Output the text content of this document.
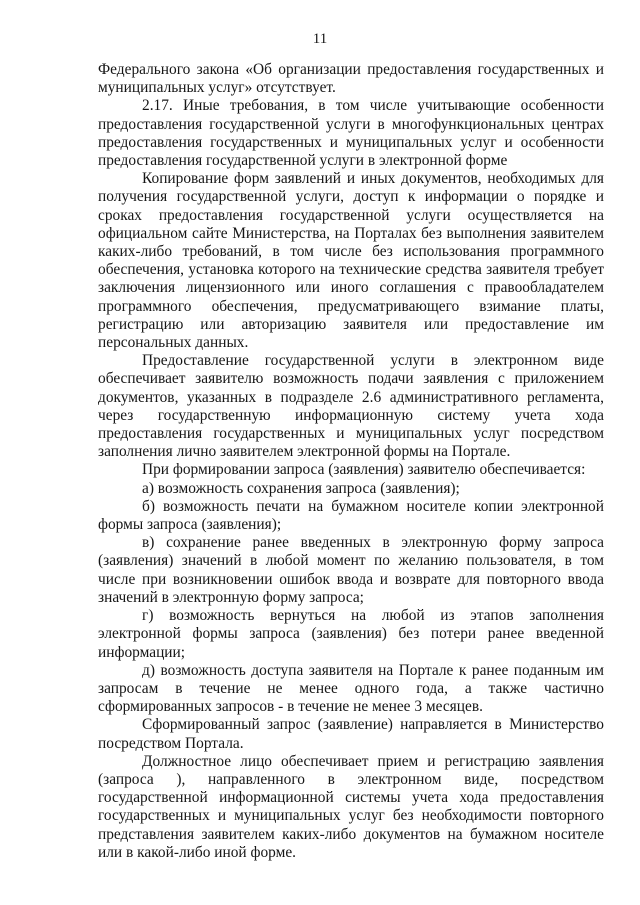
11

Федерального закона «Об организации предоставления государственных и муниципальных услуг» отсутствует.

2.17. Иные требования, в том числе учитывающие особенности предоставления государственной услуги в многофункциональных центрах предоставления государственных и муниципальных услуг и особенности предоставления государственной услуги в электронной форме

Копирование форм заявлений и иных документов, необходимых для получения государственной услуги, доступ к информации о порядке и сроках предоставления государственной услуги осуществляется на официальном сайте Министерства, на Порталах без выполнения заявителем каких-либо требований, в том числе без использования программного обеспечения, установка которого на технические средства заявителя требует заключения лицензионного или иного соглашения с правообладателем программного обеспечения, предусматривающего взимание платы, регистрацию или авторизацию заявителя или предоставление им персональных данных.

Предоставление государственной услуги в электронном виде обеспечивает заявителю возможность подачи заявления с приложением документов, указанных в подразделе 2.6 административного регламента, через государственную информационную систему учета хода предоставления государственных и муниципальных услуг посредством заполнения лично заявителем электронной формы на Портале.

При формировании запроса (заявления) заявителю обеспечивается:

а) возможность сохранения запроса (заявления);

б) возможность печати на бумажном носителе копии электронной формы запроса (заявления);

в) сохранение ранее введенных в электронную форму запроса (заявления) значений в любой момент по желанию пользователя, в том числе при возникновении ошибок ввода и возврате для повторного ввода значений в электронную форму запроса;

г) возможность вернуться на любой из этапов заполнения электронной формы запроса (заявления) без потери ранее введенной информации;

д) возможность доступа заявителя на Портале к ранее поданным им запросам в течение не менее одного года, а также частично сформированных запросов - в течение не менее 3 месяцев.

Сформированный запрос (заявление) направляется в Министерство посредством Портала.

Должностное лицо обеспечивает прием и регистрацию заявления (запроса ), направленного в электронном виде, посредством государственной информационной системы учета хода предоставления государственных и муниципальных услуг без необходимости повторного представления заявителем каких-либо документов на бумажном носителе или в какой-либо иной форме.
